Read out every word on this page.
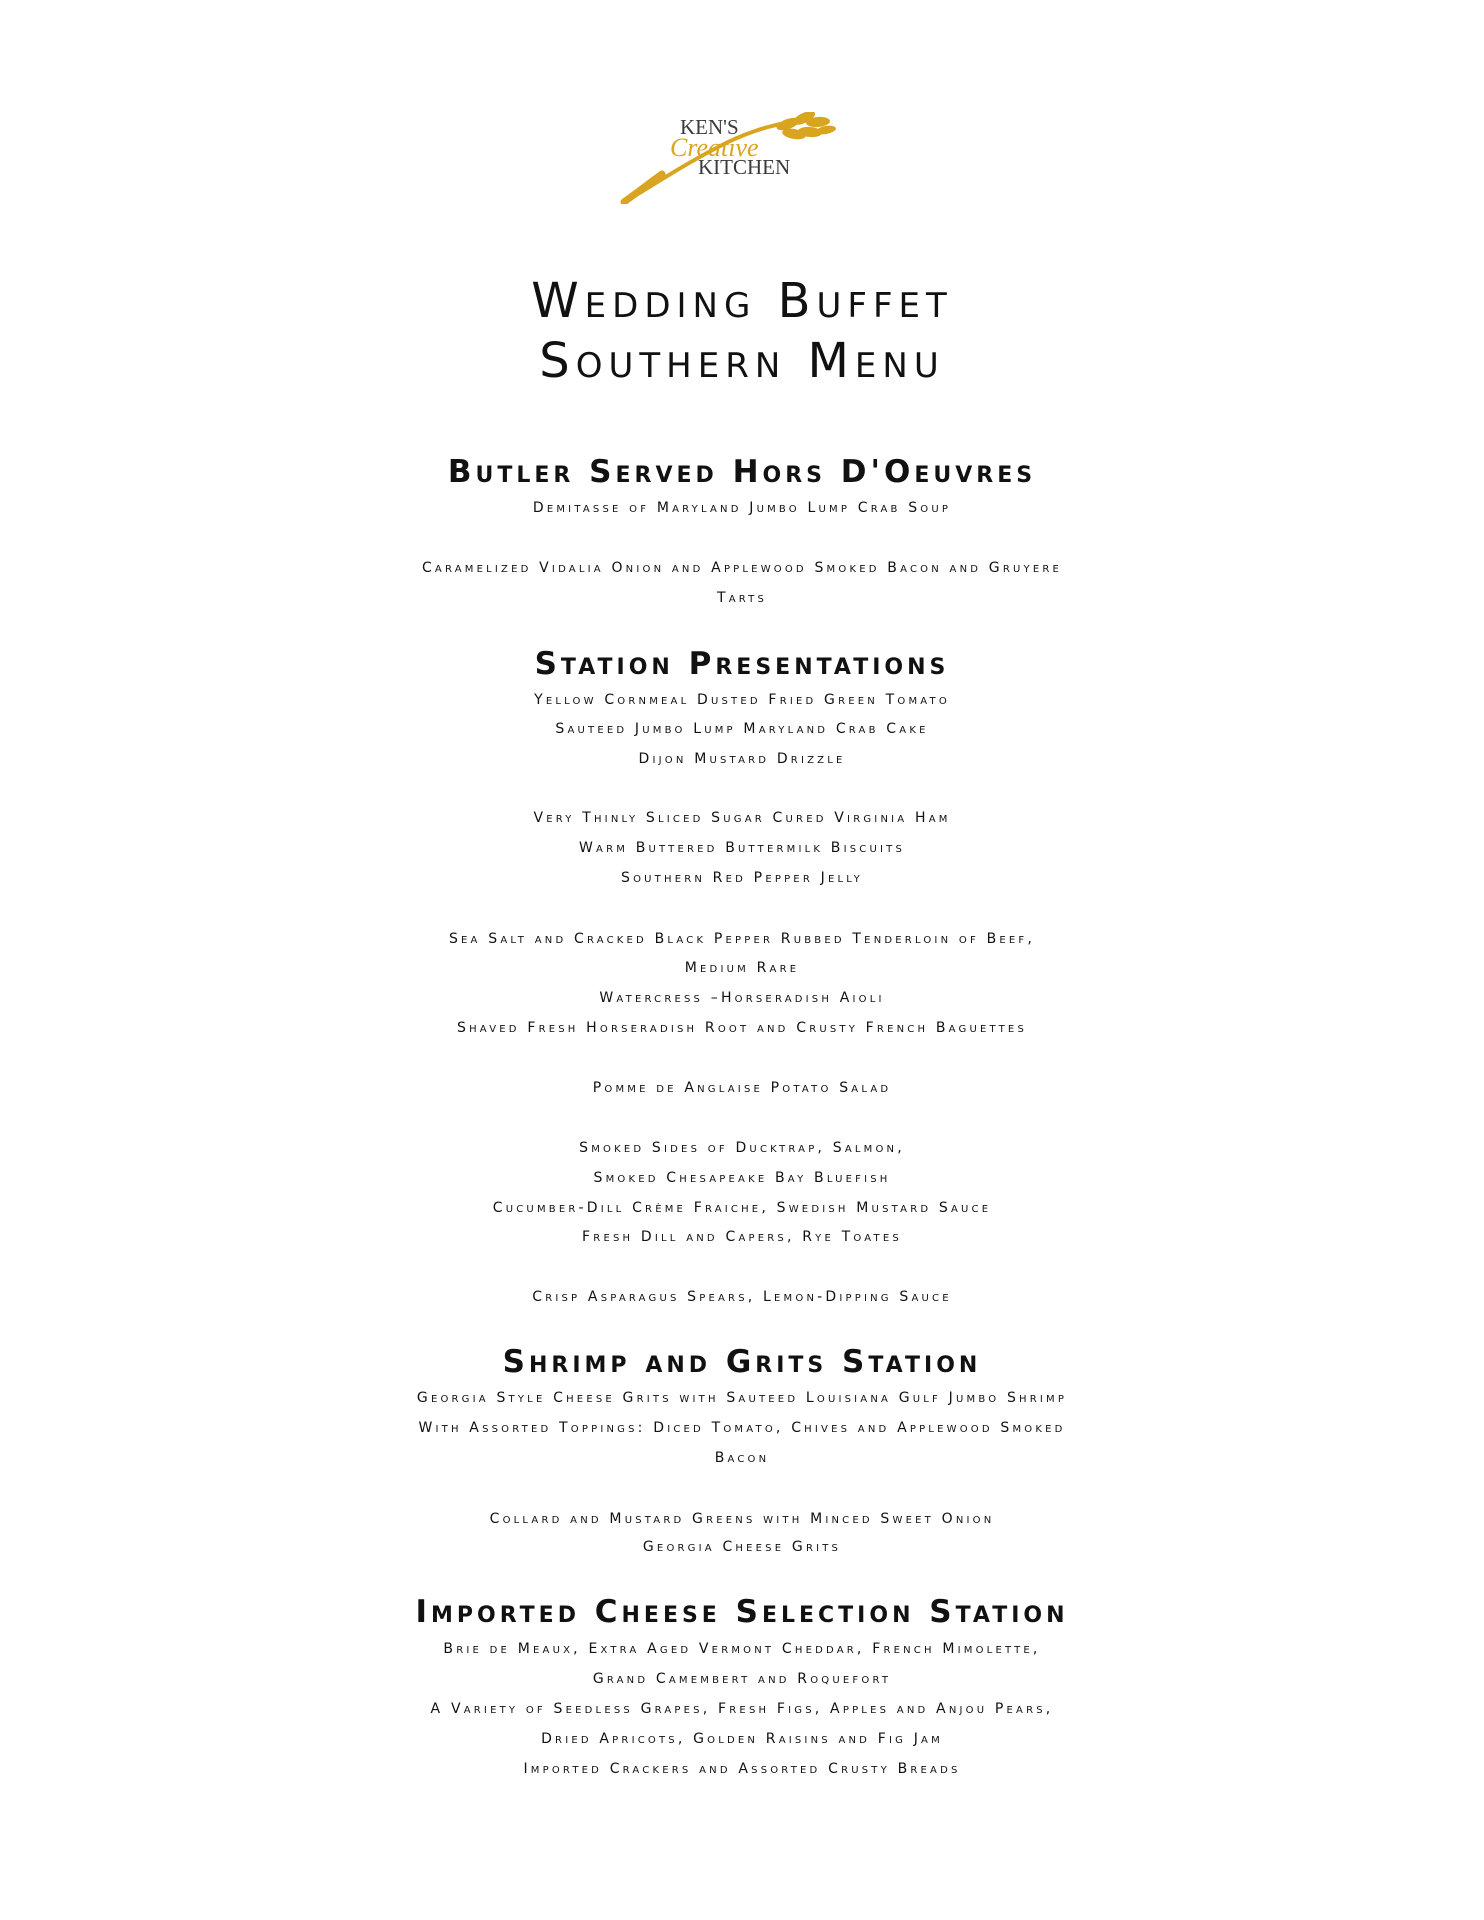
KEN'S
Creative
KITCHEN
Wedding Buffet
Southern Menu
Butler Served Hors D'Oeuvres
Demitasse of Maryland Jumbo Lump Crab Soup
Caramelized Vidalia Onion and Applewood Smoked Bacon and Gruyere
Tarts
Station Presentations
Yellow Cornmeal Dusted Fried Green Tomato
Sauteed Jumbo Lump Maryland Crab Cake
Dijon Mustard Drizzle
Very Thinly Sliced Sugar Cured Virginia Ham
Warm Buttered Buttermilk Biscuits
Southern Red Pepper Jelly
Sea Salt and Cracked Black Pepper Rubbed Tenderloin of Beef,
Medium Rare
Watercress –Horseradish Aioli
Shaved Fresh Horseradish Root and Crusty French Baguettes
Pomme de Anglaise Potato Salad
Smoked Sides of Ducktrap, Salmon,
Smoked Chesapeake Bay Bluefish
Cucumber-Dill Crème Fraiche, Swedish Mustard Sauce
Fresh Dill and Capers, Rye Toates
Crisp Asparagus Spears, Lemon-Dipping Sauce
Shrimp and Grits Station
Georgia Style Cheese Grits with Sauteed Louisiana Gulf Jumbo Shrimp
With Assorted Toppings: Diced Tomato, Chives and Applewood Smoked
Bacon
Collard and Mustard Greens with Minced Sweet Onion
Georgia Cheese Grits
Imported Cheese Selection Station
Brie de Meaux, Extra Aged Vermont Cheddar, French Mimolette,
Grand Camembert and Roquefort
A Variety of Seedless Grapes, Fresh Figs, Apples and Anjou Pears,
Dried Apricots, Golden Raisins and Fig Jam
Imported Crackers and Assorted Crusty Breads
